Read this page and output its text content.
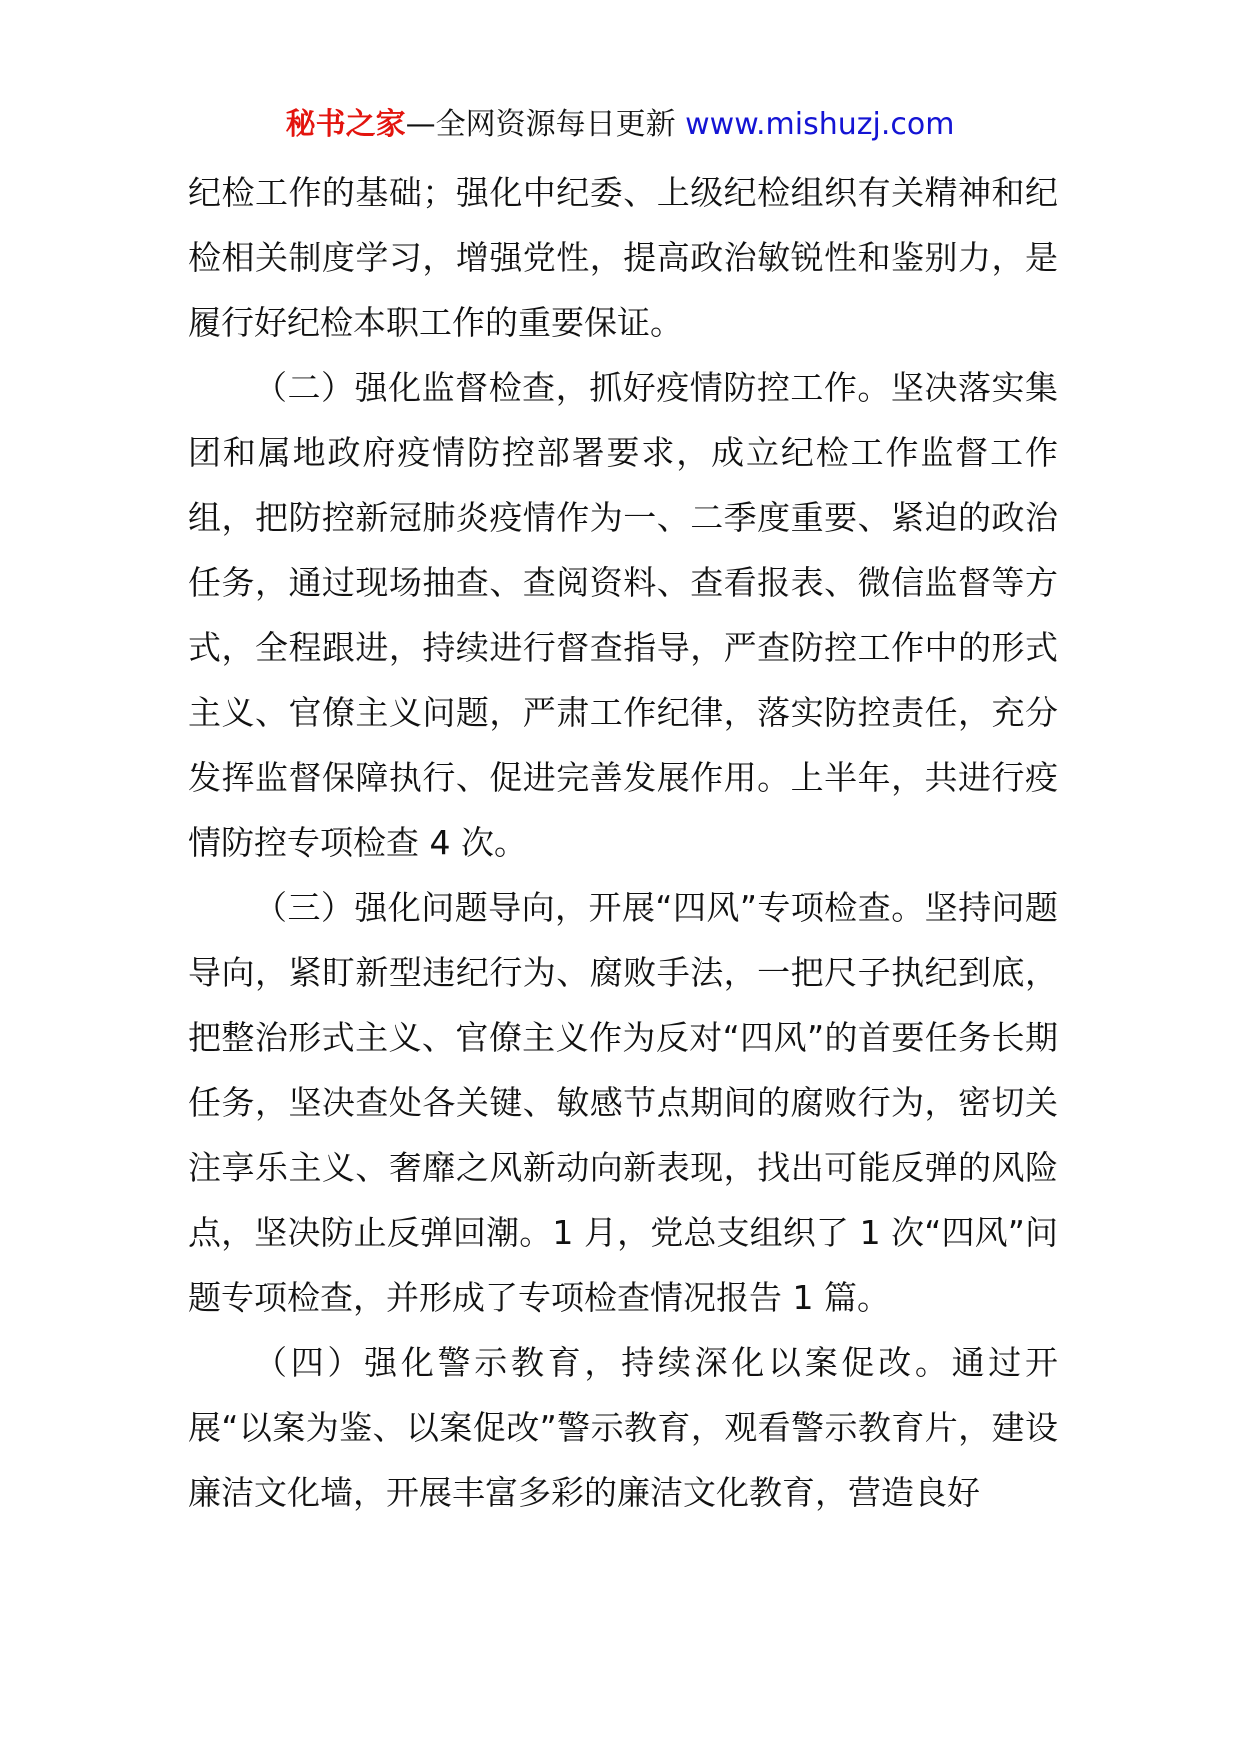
秘书之家—全网资源每日更新 www.mishuzj.com

纪检工作的基础；强化中纪委、上级纪检组织有关精神和纪检相关制度学习，增强党性，提高政治敏锐性和鉴别力，是履行好纪检本职工作的重要保证。

（二）强化监督检查，抓好疫情防控工作。坚决落实集团和属地政府疫情防控部署要求，成立纪检工作监督工作组，把防控新冠肺炎疫情作为一、二季度重要、紧迫的政治任务，通过现场抽查、查阅资料、查看报表、微信监督等方式，全程跟进，持续进行督查指导，严查防控工作中的形式主义、官僚主义问题，严肃工作纪律，落实防控责任，充分发挥监督保障执行、促进完善发展作用。上半年，共进行疫情防控专项检查 4 次。

（三）强化问题导向，开展“四风”专项检查。坚持问题导向，紧盯新型违纪行为、腐败手法，一把尺子执纪到底，把整治形式主义、官僚主义作为反对“四风”的首要任务长期任务，坚决查处各关键、敏感节点期间的腐败行为，密切关注享乐主义、奢靡之风新动向新表现，找出可能反弹的风险点，坚决防止反弹回潮。1 月，党总支组织了 1 次“四风”问题专项检查，并形成了专项检查情况报告 1 篇。

（四）强化警示教育，持续深化以案促改。通过开展“以案为鉴、以案促改”警示教育，观看警示教育片，建设廉洁文化墙，开展丰富多彩的廉洁文化教育，营造良好
